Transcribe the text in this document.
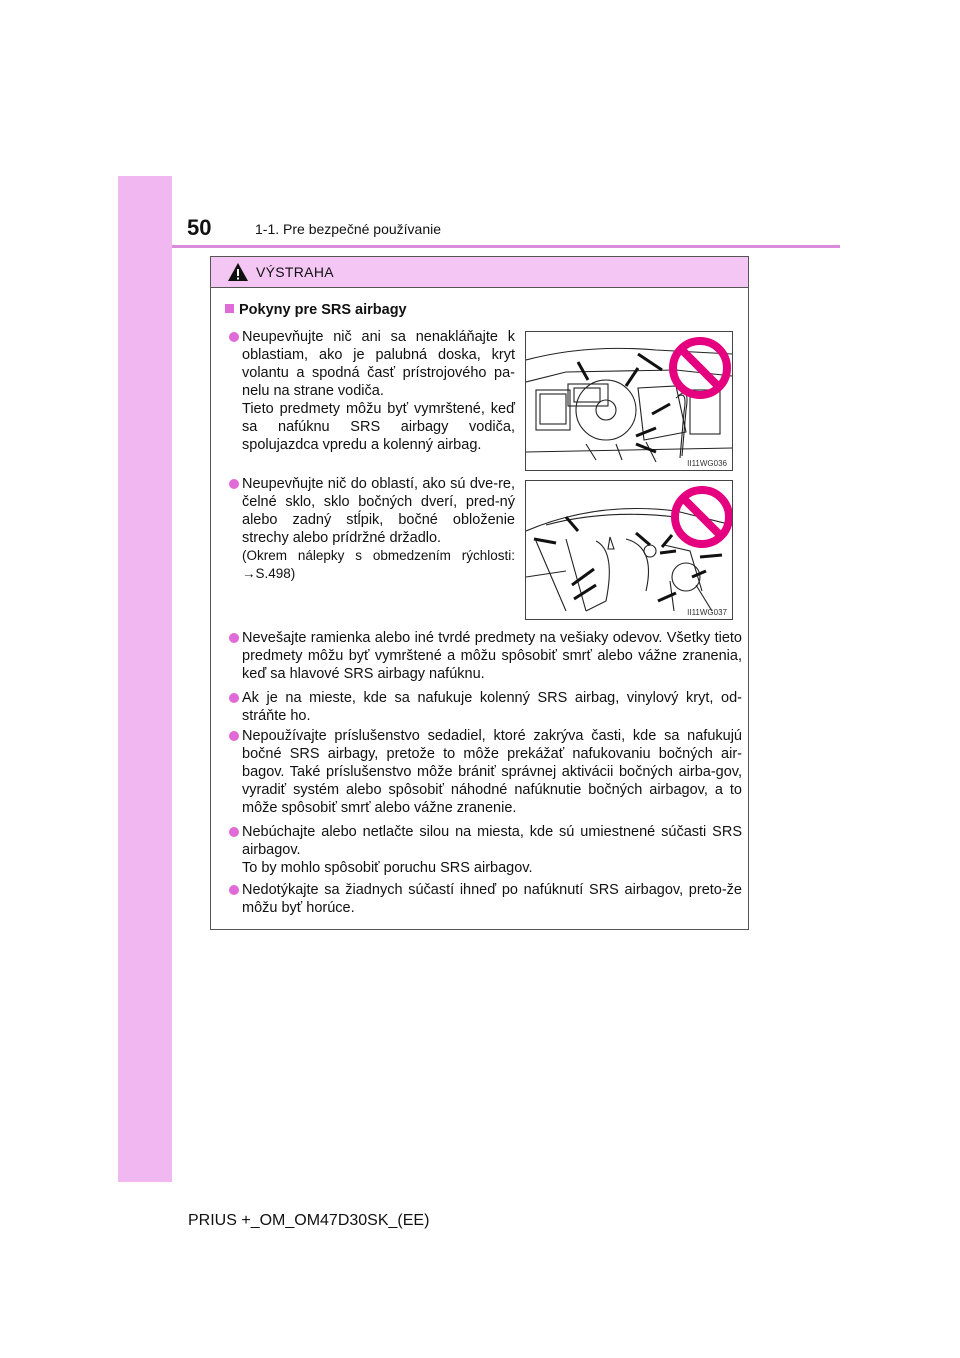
50	1-1. Pre bezpečné používanie
VÝSTRAHA
Pokyny pre SRS airbagy
Neupevňujte nič ani sa nenakláňajte k oblastiam, ako je palubná doska, kryt volantu a spodná časť prístrojového pa-nelu na strane vodiča.
Tieto predmety môžu byť vymrštené, keď sa nafúknu SRS airbagy vodiča, spolujazdca vpredu a kolenný airbag.
II11WG036
Neupevňujte nič do oblastí, ako sú dve-re, čelné sklo, sklo bočných dverí, pred-ný alebo zadný stĺpik, bočné obloženie strechy alebo prídržné držadlo.
(Okrem nálepky s obmedzením rýchlosti: →S.498)
II11WG037
Nevešajte ramienka alebo iné tvrdé predmety na vešiaky odevov. Všetky tieto predmety môžu byť vymrštené a môžu spôsobiť smrť alebo vážne zranenia, keď sa hlavové SRS airbagy nafúknu.
Ak je na mieste, kde sa nafukuje kolenný SRS airbag, vinylový kryt, od-stráňte ho.
Nepoužívajte príslušenstvo sedadiel, ktoré zakrýva časti, kde sa nafukujú bočné SRS airbagy, pretože to môže prekážať nafukovaniu bočných air-bagov. Také príslušenstvo môže brániť správnej aktivácii bočných airba-gov, vyradiť systém alebo spôsobiť náhodné nafúknutie bočných airbagov, a to môže spôsobiť smrť alebo vážne zranenie.
Nebúchajte alebo netlačte silou na miesta, kde sú umiestnené súčasti SRS airbagov.
To by mohlo spôsobiť poruchu SRS airbagov.
Nedotýkajte sa žiadnych súčastí ihneď po nafúknutí SRS airbagov, preto-že môžu byť horúce.
PRIUS +_OM_OM47D30SK_(EE)
